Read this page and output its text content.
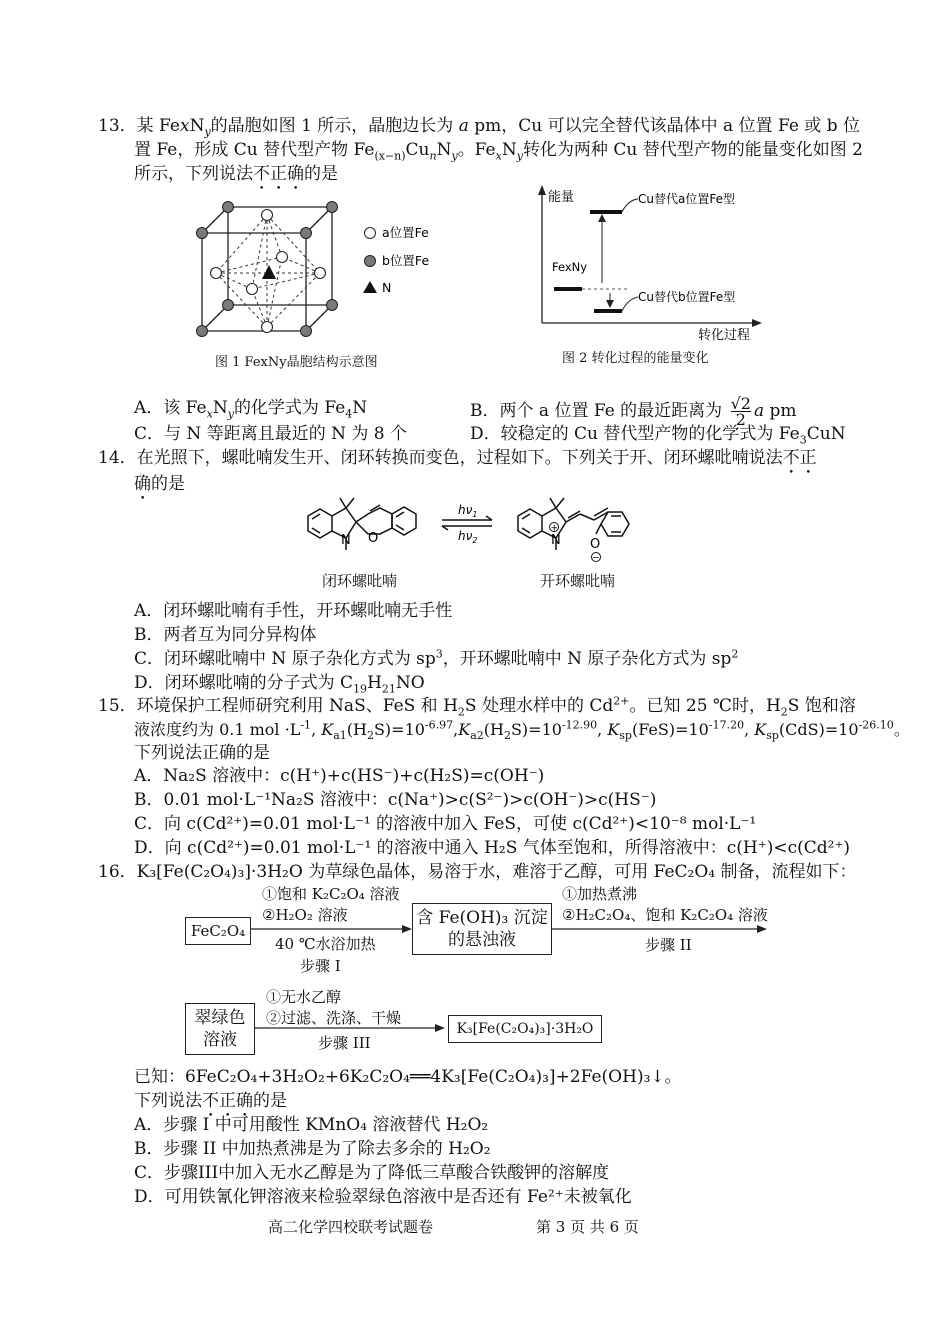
13．某 FexN$_y$的晶胞如图 1 所示，晶胞边长为 a pm，Cu 可以完全替代该晶体中 a 位置 Fe 或 b 位
置 Fe，形成 Cu 替代型产物 $Fe_{(x-n)}Cu_nN_y$。$Fe_xN_y$转化为两种 Cu 替代型产物的能量变化如图 2
所示，下列说法不正确的是
a位置Fe
b位置Fe
N
图 1 FexNy晶胞结构示意图
能量
转化过程
Cu替代a位置Fe型
FexNy
Cu替代b位置Fe型
图 2 转化过程的能量变化
A．该 $Fe_xN_y$的化学式为 $Fe_4N$	B．两个 a 位置 Fe 的最近距离为 $\frac{√2}{2}$ a pm
C．与 N 等距离且最近的 N 为 8 个	D．较稳定的 Cu 替代型产物的化学式为 $Fe_3CuN$
14．在光照下，螺吡喃发生开、闭环转换而变色，过程如下。下列关于开、闭环螺吡喃说法不正
确的是
N O	N
+
O
−
$h\nu_1$
$h\nu_2$
闭环螺吡喃	开环螺吡喃
A．闭环螺吡喃有手性，开环螺吡喃无手性
B．两者互为同分异构体
C．闭环螺吡喃中 N 原子杂化方式为 $sp^3$，开环螺吡喃中 N 原子杂化方式为 $sp^2$
D．闭环螺吡喃的分子式为 $C_{19}H_{21}NO$
15．环境保护工程师研究利用 NaS、FeS 和 $H_2S$ 处理水样中的 $Cd^{2+}$。已知 25 ℃时，$H_2S$ 饱和溶
液浓度约为 0.1 mol $\cdot L^{-1}$, $K_{a1}(H_2S)=10^{-6.97},K_{a2}(H_2S)=10^{-12.90}$, $K_{sp}(FeS)=10^{-17.20}$, $K_{sp}(CdS)=10^{-26.10}$。
下列说法正确的是
A．Na₂S 溶液中：c(H⁺)+c(HS⁻)+c(H₂S)=c(OH⁻)
B．0.01 mol·L⁻¹Na₂S 溶液中：c(Na⁺)>c(S²⁻)>c(OH⁻)>c(HS⁻)
C．向 c(Cd²⁺)=0.01 mol·L⁻¹ 的溶液中加入 FeS，可使 c(Cd²⁺)<10⁻⁸ mol·L⁻¹
D．向 c(Cd²⁺)=0.01 mol·L⁻¹ 的溶液中通入 H₂S 气体至饱和，所得溶液中：c(H⁺)<c(Cd²⁺)
16．K₃[Fe(C₂O₄)₃]·3H₂O 为草绿色晶体，易溶于水，难溶于乙醇，可用 FeC₂O₄ 制备，流程如下：
①饱和 K₂C₂O₄ 溶液
②H₂O₂ 溶液
FeC₂O₄
40 ℃水浴加热
步骤 I
含 Fe(OH)₃ 沉淀
的悬浊液
①加热煮沸
②H₂C₂O₄、饱和 K₂C₂O₄ 溶液
步骤 II
翠绿色
溶液
①无水乙醇
②过滤、洗涤、干燥
步骤 III
K₃[Fe(C₂O₄)₃]·3H₂O
已知：6FeC₂O₄+3H₂O₂+6K₂C₂O₄══4K₃[Fe(C₂O₄)₃]+2Fe(OH)₃↓。
下列说法不正确的是
A．步骤 I 中可用酸性 KMnO₄ 溶液替代 H₂O₂
B．步骤 II 中加热煮沸是为了除去多余的 H₂O₂
C．步骤III中加入无水乙醇是为了降低三草酸合铁酸钾的溶解度
D．可用铁氰化钾溶液来检验翠绿色溶液中是否还有 Fe²⁺未被氧化
高二化学四校联考试题卷	第 3 页 共 6 页
